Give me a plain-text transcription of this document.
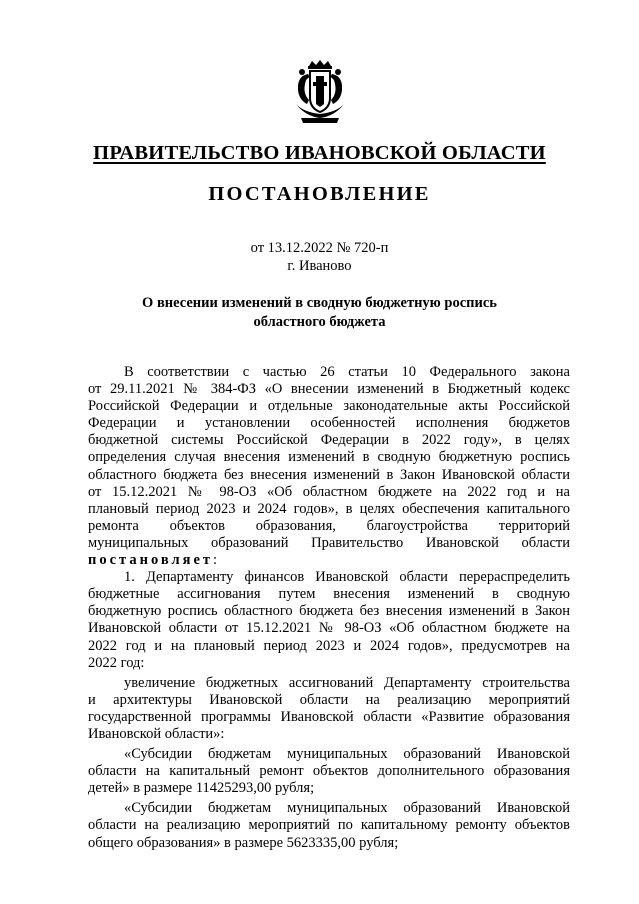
ПРАВИТЕЛЬСТВО ИВАНОВСКОЙ ОБЛАСТИ
ПОСТАНОВЛЕНИЕ
от 13.12.2022 № 720-п
г. Иваново
О внесении изменений в сводную бюджетную роспись
областного бюджета
В соответствии с частью 26 статьи 10 Федерального закона
от 29.11.2021 № 384-ФЗ «О внесении изменений в Бюджетный кодекс
Российской Федерации и отдельные законодательные акты Российской
Федерации и установлении особенностей исполнения бюджетов
бюджетной системы Российской Федерации в 2022 году», в целях
определения случая внесения изменений в сводную бюджетную роспись
областного бюджета без внесения изменений в Закон Ивановской области
от 15.12.2021 № 98-ОЗ «Об областном бюджете на 2022 год и на
плановый период 2023 и 2024 годов», в целях обеспечения капитального
ремонта объектов образования, благоустройства территорий
муниципальных образований Правительство Ивановской области
постановляет:
1. Департаменту финансов Ивановской области перераспределить
бюджетные ассигнования путем внесения изменений в сводную
бюджетную роспись областного бюджета без внесения изменений в Закон
Ивановской области от 15.12.2021 № 98-ОЗ «Об областном бюджете на
2022 год и на плановый период 2023 и 2024 годов», предусмотрев на
2022 год:
увеличение бюджетных ассигнований Департаменту строительства
и архитектуры Ивановской области на реализацию мероприятий
государственной программы Ивановской области «Развитие образования
Ивановской области»:
«Субсидии бюджетам муниципальных образований Ивановской
области на капитальный ремонт объектов дополнительного образования
детей» в размере 11425293,00 рубля;
«Субсидии бюджетам муниципальных образований Ивановской
области на реализацию мероприятий по капитальному ремонту объектов
общего образования» в размере 5623335,00 рубля;
